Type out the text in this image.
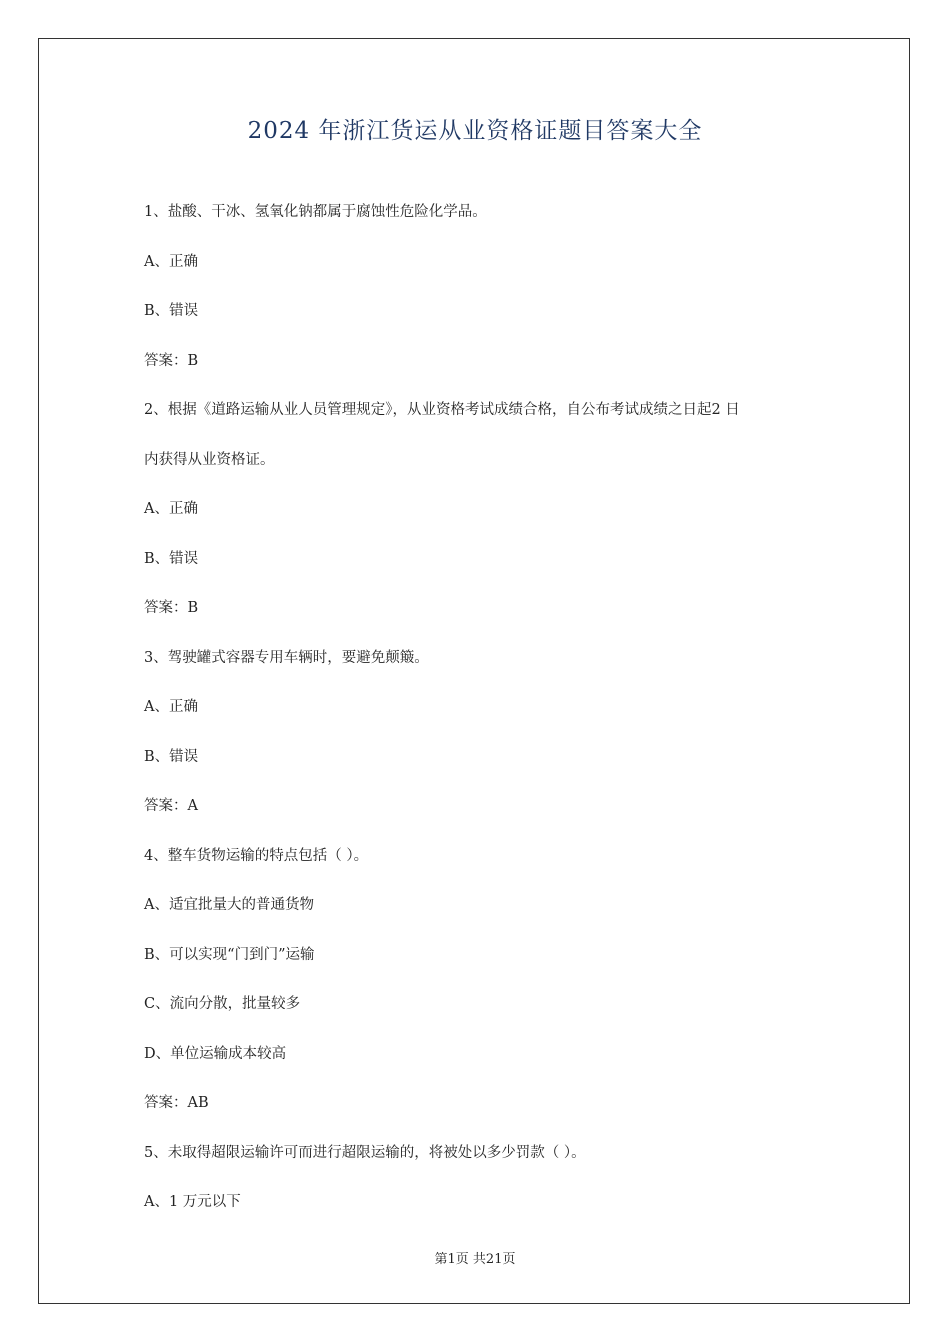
2024 年浙江货运从业资格证题目答案大全
1、盐酸、干冰、氢氧化钠都属于腐蚀性危险化学品。
A、正确
B、错误
答案：B
2、根据《道路运输从业人员管理规定》，从业资格考试成绩合格，自公布考试成绩之日起2 日
内获得从业资格证。
A、正确
B、错误
答案：B
3、驾驶罐式容器专用车辆时，要避免颠簸。
A、正确
B、错误
答案：A
4、整车货物运输的特点包括（ ）。
A、适宜批量大的普通货物
B、可以实现“门到门”运输
C、流向分散，批量较多
D、单位运输成本较高
答案：AB
5、未取得超限运输许可而进行超限运输的，将被处以多少罚款（ ）。
A、1 万元以下
第1页 共21页
